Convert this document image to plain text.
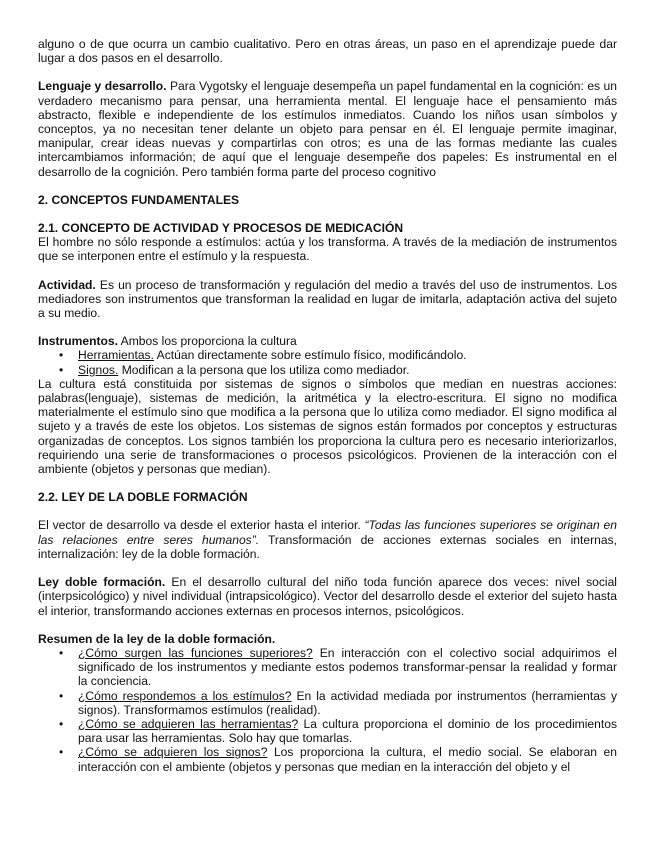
alguno o de que ocurra un cambio cualitativo. Pero en otras áreas, un paso en el aprendizaje puede dar lugar a dos pasos en el desarrollo.

Lenguaje y desarrollo. Para Vygotsky el lenguaje desempeña un papel fundamental en la cognición: es un verdadero mecanismo para pensar, una herramienta mental. El lenguaje hace el pensamiento más abstracto, flexible e independiente de los estímulos inmediatos. Cuando los niños usan símbolos y conceptos, ya no necesitan tener delante un objeto para pensar en él. El lenguaje permite imaginar, manipular, crear ideas nuevas y compartirlas con otros; es una de las formas mediante las cuales intercambiamos información; de aquí que el lenguaje desempeñe dos papeles: Es instrumental en el desarrollo de la cognición. Pero también forma parte del proceso cognitivo

2. CONCEPTOS FUNDAMENTALES

2.1. CONCEPTO DE ACTIVIDAD Y PROCESOS DE MEDICACIÓN

El hombre no sólo responde a estímulos: actúa y los transforma. A través de la mediación de instrumentos que se interponen entre el estímulo y la respuesta.

Actividad. Es un proceso de transformación y regulación del medio a través del uso de instrumentos. Los mediadores son instrumentos que transforman la realidad en lugar de imitarla, adaptación activa del sujeto a su medio.

Instrumentos. Ambos los proporciona la cultura

• Herramientas. Actúan directamente sobre estímulo físico, modificándolo.
• Signos. Modifican a la persona que los utiliza como mediador.

La cultura está constituida por sistemas de signos o símbolos que median en nuestras acciones: palabras(lenguaje), sistemas de medición, la aritmética y la electro-escritura. El signo no modifica materialmente el estímulo sino que modifica a la persona que lo utiliza como mediador. El signo modifica al sujeto y a través de este los objetos. Los sistemas de signos están formados por conceptos y estructuras organizadas de conceptos. Los signos también los proporciona la cultura pero es necesario interiorizarlos, requiriendo una serie de transformaciones o procesos psicológicos. Provienen de la interacción con el ambiente (objetos y personas que median).

2.2. LEY DE LA DOBLE FORMACIÓN

El vector de desarrollo va desde el exterior hasta el interior. “Todas las funciones superiores se originan en las relaciones entre seres humanos”. Transformación de acciones externas sociales en internas, internalización: ley de la doble formación.

Ley doble formación. En el desarrollo cultural del niño toda función aparece dos veces: nivel social (interpsicológico) y nivel individual (intrapsicológico). Vector del desarrollo desde el exterior del sujeto hasta el interior, transformando acciones externas en procesos internos, psicológicos.

Resumen de la ley de la doble formación.

• ¿Cómo surgen las funciones superiores? En interacción con el colectivo social adquirimos el significado de los instrumentos y mediante estos podemos transformar-pensar la realidad y formar la conciencia.
• ¿Cómo respondemos a los estímulos? En la actividad mediada por instrumentos (herramientas y signos). Transformamos estímulos (realidad).
• ¿Cómo se adquieren las herramientas? La cultura proporciona el dominio de los procedimientos para usar las herramientas. Solo hay que tomarlas.
• ¿Cómo se adquieren los signos? Los proporciona la cultura, el medio social. Se elaboran en interacción con el ambiente (objetos y personas que median en la interacción del objeto y el
